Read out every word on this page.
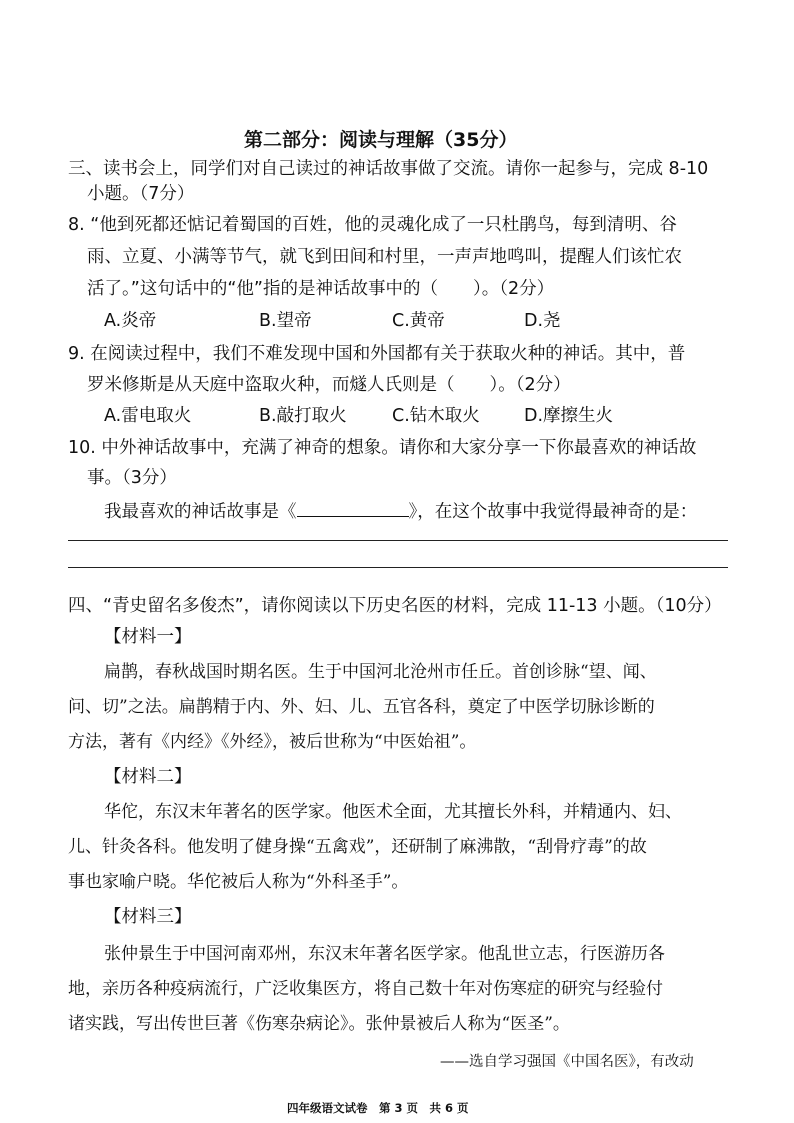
第二部分：阅读与理解（35分）
三、读书会上，同学们对自己读过的神话故事做了交流。请你一起参与，完成 8-10
小题。（7分）
8. “他到死都还惦记着蜀国的百姓，他的灵魂化成了一只杜鹃鸟，每到清明、谷
雨、立夏、小满等节气，就飞到田间和村里，一声声地鸣叫，提醒人们该忙农
活了。”这句话中的“他”指的是神话故事中的（　　）。（2分）
A.炎帝	B.望帝	C.黄帝	D.尧
9. 在阅读过程中，我们不难发现中国和外国都有关于获取火种的神话。其中，普
罗米修斯是从天庭中盗取火种，而燧人氏则是（　　）。（2分）
A.雷电取火	B.敲打取火	C.钻木取火	D.摩擦生火
10. 中外神话故事中，充满了神奇的想象。请你和大家分享一下你最喜欢的神话故
事。（3分）
我最喜欢的神话故事是《	》，在这个故事中我觉得最神奇的是：
四、“青史留名多俊杰”，请你阅读以下历史名医的材料，完成 11-13 小题。（10分）
【材料一】
扁鹊，春秋战国时期名医。生于中国河北沧州市任丘。首创诊脉“望、闻、
问、切”之法。扁鹊精于内、外、妇、儿、五官各科，奠定了中医学切脉诊断的
方法，著有《内经》《外经》，被后世称为“中医始祖”。
【材料二】
华佗，东汉末年著名的医学家。他医术全面，尤其擅长外科，并精通内、妇、
儿、针灸各科。他发明了健身操“五禽戏”，还研制了麻沸散，“刮骨疗毒”的故
事也家喻户晓。华佗被后人称为“外科圣手”。
【材料三】
张仲景生于中国河南邓州，东汉末年著名医学家。他乱世立志，行医游历各
地，亲历各种疫病流行，广泛收集医方，将自己数十年对伤寒症的研究与经验付
诸实践，写出传世巨著《伤寒杂病论》。张仲景被后人称为“医圣”。
——选自学习强国《中国名医》，有改动
四年级语文试卷　第 3 页　共 6 页
